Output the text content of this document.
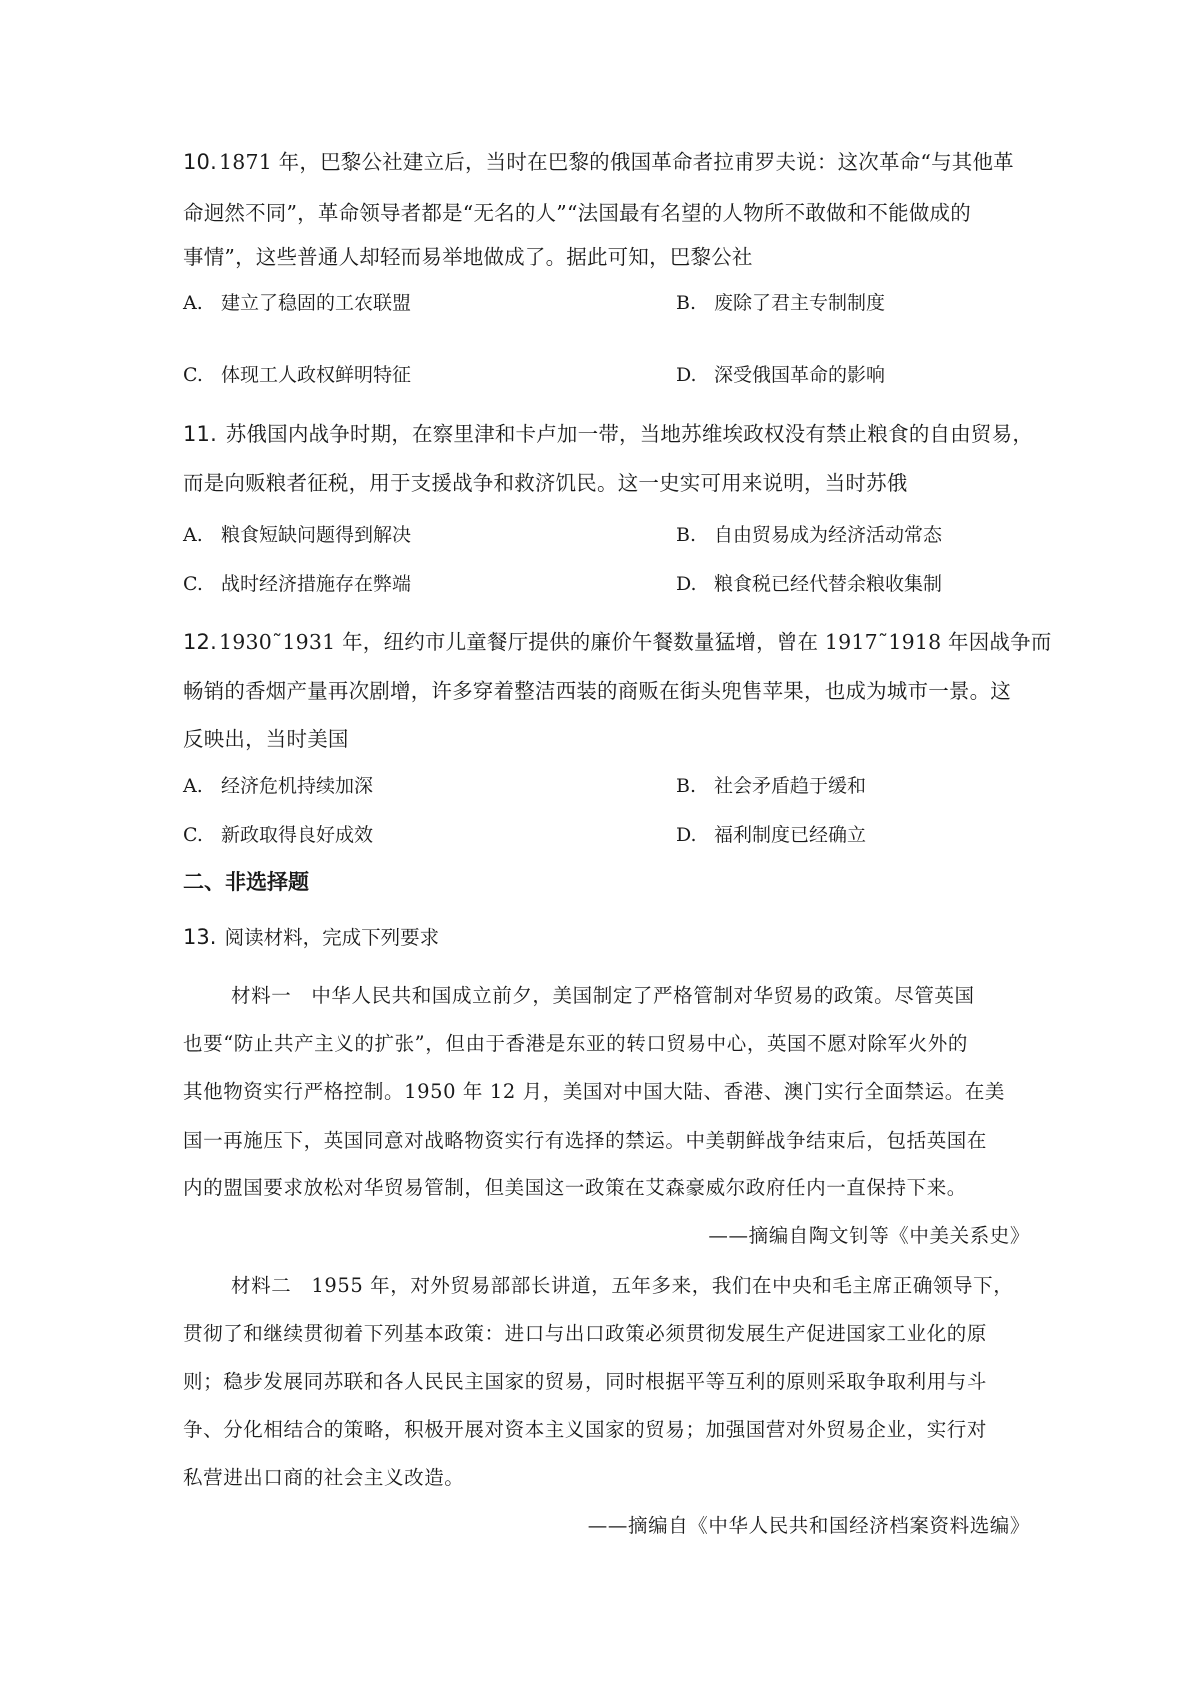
10.1871 年，巴黎公社建立后，当时在巴黎的俄国革命者拉甫罗夫说：这次革命“与其他革
命迥然不同”，革命领导者都是“无名的人”“法国最有名望的人物所不敢做和不能做成的
事情”，这些普通人却轻而易举地做成了。据此可知，巴黎公社
A. 建立了稳固的工农联盟	B. 废除了君主专制制度
C. 体现工人政权鲜明特征	D. 深受俄国革命的影响
11. 苏俄国内战争时期，在察里津和卡卢加一带，当地苏维埃政权没有禁止粮食的自由贸易，
而是向贩粮者征税，用于支援战争和救济饥民。这一史实可用来说明，当时苏俄
A. 粮食短缺问题得到解决	B. 自由贸易成为经济活动常态
C. 战时经济措施存在弊端	D. 粮食税已经代替余粮收集制
12.1930˜1931 年，纽约市儿童餐厅提供的廉价午餐数量猛增，曾在 1917˜1918 年因战争而
畅销的香烟产量再次剧增，许多穿着整洁西装的商贩在街头兜售苹果，也成为城市一景。这
反映出，当时美国
A. 经济危机持续加深	B. 社会矛盾趋于缓和
C. 新政取得良好成效	D. 福利制度已经确立
二、非选择题
13. 阅读材料，完成下列要求
材料一 中华人民共和国成立前夕，美国制定了严格管制对华贸易的政策。尽管英国
也要“防止共产主义的扩张”，但由于香港是东亚的转口贸易中心，英国不愿对除军火外的
其他物资实行严格控制。1950 年 12 月，美国对中国大陆、香港、澳门实行全面禁运。在美
国一再施压下，英国同意对战略物资实行有选择的禁运。中美朝鲜战争结束后，包括英国在
内的盟国要求放松对华贸易管制，但美国这一政策在艾森豪威尔政府任内一直保持下来。
——摘编自陶文钊等《中美关系史》
材料二 1955 年，对外贸易部部长讲道，五年多来，我们在中央和毛主席正确领导下，
贯彻了和继续贯彻着下列基本政策：进口与出口政策必须贯彻发展生产促进国家工业化的原
则；稳步发展同苏联和各人民民主国家的贸易，同时根据平等互利的原则采取争取利用与斗
争、分化相结合的策略，积极开展对资本主义国家的贸易；加强国营对外贸易企业，实行对
私营进出口商的社会主义改造。
——摘编自《中华人民共和国经济档案资料选编》
